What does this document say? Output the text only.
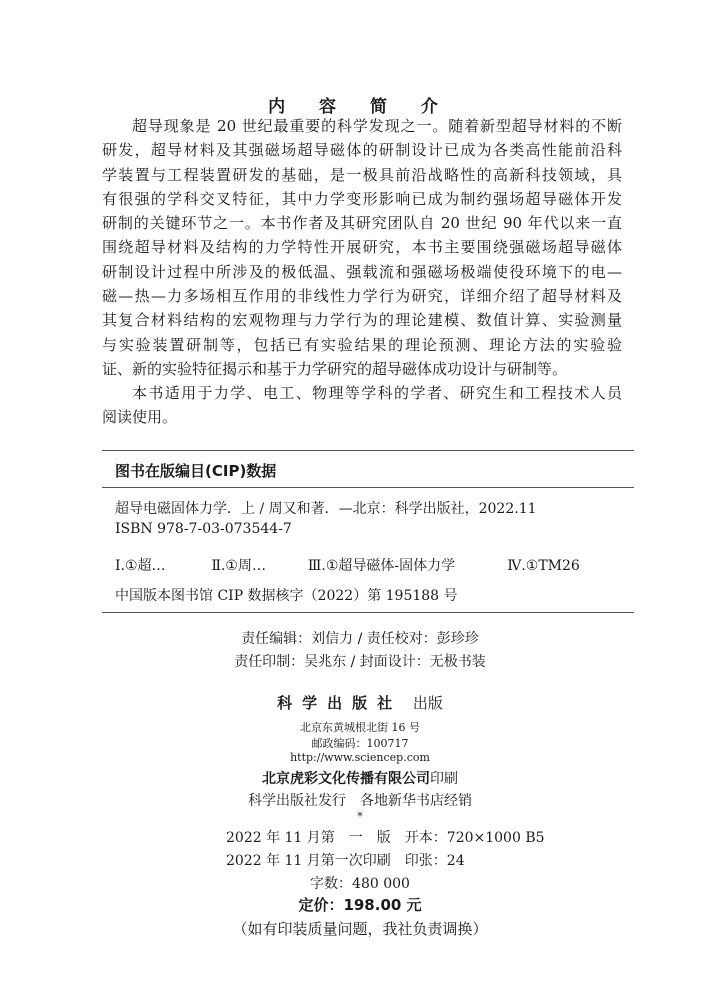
内 容 简 介
超导现象是 20 世纪最重要的科学发现之一。随着新型超导材料的不断
研发，超导材料及其强磁场超导磁体的研制设计已成为各类高性能前沿科
学装置与工程装置研发的基础，是一极具前沿战略性的高新科技领域，具
有很强的学科交叉特征，其中力学变形影响已成为制约强场超导磁体开发
研制的关键环节之一。本书作者及其研究团队自 20 世纪 90 年代以来一直
围绕超导材料及结构的力学特性开展研究，本书主要围绕强磁场超导磁体
研制设计过程中所涉及的极低温、强载流和强磁场极端使役环境下的电—
磁—热—力多场相互作用的非线性力学行为研究，详细介绍了超导材料及
其复合材料结构的宏观物理与力学行为的理论建模、数值计算、实验测量
与实验装置研制等，包括已有实验结果的理论预测、理论方法的实验验
证、新的实验特征揭示和基于力学研究的超导磁体成功设计与研制等。
本书适用于力学、电工、物理等学科的学者、研究生和工程技术人员
阅读使用。
图书在版编目(CIP)数据
超导电磁固体力学．上 / 周又和著．—北京：科学出版社，2022.11
ISBN 978-7-03-073544-7
Ⅰ.①超…	Ⅱ.①周…	Ⅲ.①超导磁体-固体力学	Ⅳ.①TM26
中国版本图书馆 CIP 数据核字（2022）第 195188 号
责任编辑：刘信力 / 责任校对：彭珍珍
责任印制：吴兆东 / 封面设计：无极书装
科学出版社 出版
北京东黄城根北街 16 号
邮政编码：100717
http://www.sciencep.com
北京虎彩文化传播有限公司印刷
科学出版社发行　各地新华书店经销
*
2022 年 11 月第　一　版　开本：720×1000 B5
2022 年 11 月第一次印刷　印张：24
字数：480 000
定价：198.00 元
（如有印装质量问题，我社负责调换）
